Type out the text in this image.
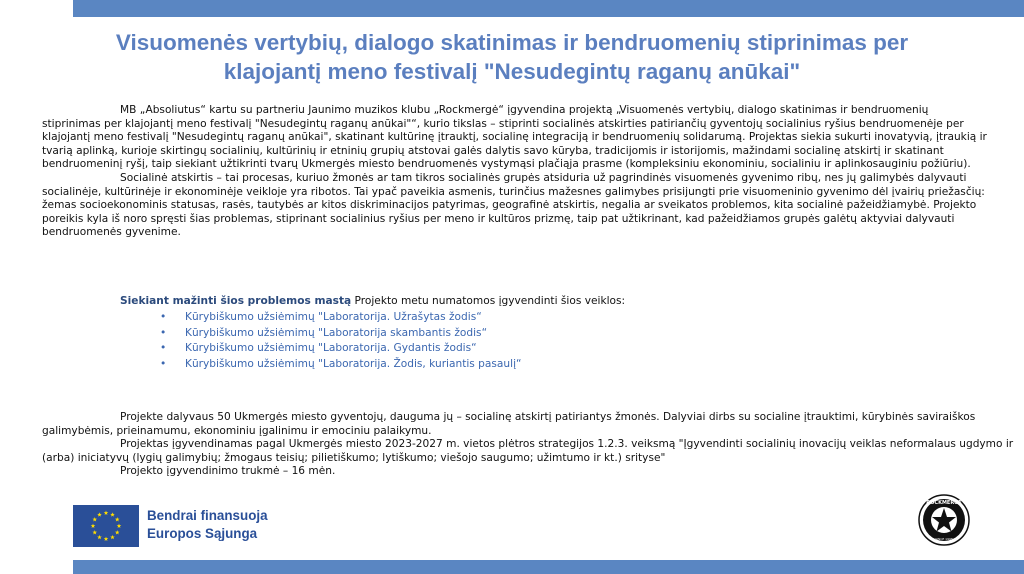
Visuomenės vertybių, dialogo skatinimas ir bendruomenių stiprinimas per
klajojantį meno festivalį "Nesudegintų raganų anūkai"

MB „Absoliutus“ kartu su partneriu Jaunimo muzikos klubu „Rockmergė“ įgyvendina projektą „Visuomenės vertybių, dialogo skatinimas ir bendruomenių stiprinimas per klajojantį meno festivalį "Nesudegintų raganų anūkai"“, kurio tikslas – stiprinti socialinės atskirties patiriančių gyventojų socialinius ryšius bendruomenėje per klajojantį meno festivalį "Nesudegintų raganų anūkai", skatinant kultūrinę įtrauktį, socialinę integraciją ir bendruomenių solidarumą. Projektas siekia sukurti inovatyvią, įtraukią ir tvarią aplinką, kurioje skirtingų socialinių, kultūrinių ir etninių grupių atstovai galės dalytis savo kūryba, tradicijomis ir istorijomis, mažindami socialinę atskirtį ir skatinant bendruomeninį ryšį, taip siekiant užtikrinti tvarų Ukmergės miesto bendruomenės vystymąsi plačiąja prasme (kompleksiniu ekonominiu, socialiniu ir aplinkosauginiu požiūriu).

Socialinė atskirtis – tai procesas, kuriuo žmonės ar tam tikros socialinės grupės atsiduria už pagrindinės visuomenės gyvenimo ribų, nes jų galimybės dalyvauti socialinėje, kultūrinėje ir ekonominėje veikloje yra ribotos. Tai ypač paveikia asmenis, turinčius mažesnes galimybes prisijungti prie visuomeninio gyvenimo dėl įvairių priežasčių: žemas socioekonominis statusas, rasės, tautybės ar kitos diskriminacijos patyrimas, geografinė atskirtis, negalia ar sveikatos problemos, kita socialinė pažeidžiamybė. Projekto poreikis kyla iš noro spręsti šias problemas, stiprinant socialinius ryšius per meno ir kultūros prizmę, taip pat užtikrinant, kad pažeidžiamos grupės galėtų aktyviai dalyvauti bendruomenės gyvenime.

Siekiant mažinti šios problemos mastą Projekto metu numatomos įgyvendinti šios veiklos:

• Kūrybiškumo užsiėmimų "Laboratorija. Užrašytas žodis“
• Kūrybiškumo užsiėmimų "Laboratorija skambantis žodis“
• Kūrybiškumo užsiėmimų "Laboratorija. Gydantis žodis“
• Kūrybiškumo užsiėmimų "Laboratorija. Žodis, kuriantis pasaulį“

Projekte dalyvaus 50 Ukmergės miesto gyventojų, dauguma jų – socialinę atskirtį patiriantys žmonės. Dalyviai dirbs su socialine įtrauktimi, kūrybinės saviraiškos galimybėmis, prieinamumu, ekonominiu įgalinimu ir emociniu palaikymu.

Projektas įgyvendinamas pagal Ukmergės miesto 2023-2027 m. vietos plėtros strategijos 1.2.3. veiksmą "Įgyvendinti socialinių inovacijų veiklas neformalaus ugdymo ir (arba) iniciatyvų (lygių galimybių; žmogaus teisių; pilietiškumo; lytiškumo; viešojo saugumo; užimtumo ir kt.) srityse"

Projekto įgyvendinimo trukmė – 16 mėn.

Bendrai finansuoja
Europos Sąjunga
ROCKMERGĖ
SINCE 1998
